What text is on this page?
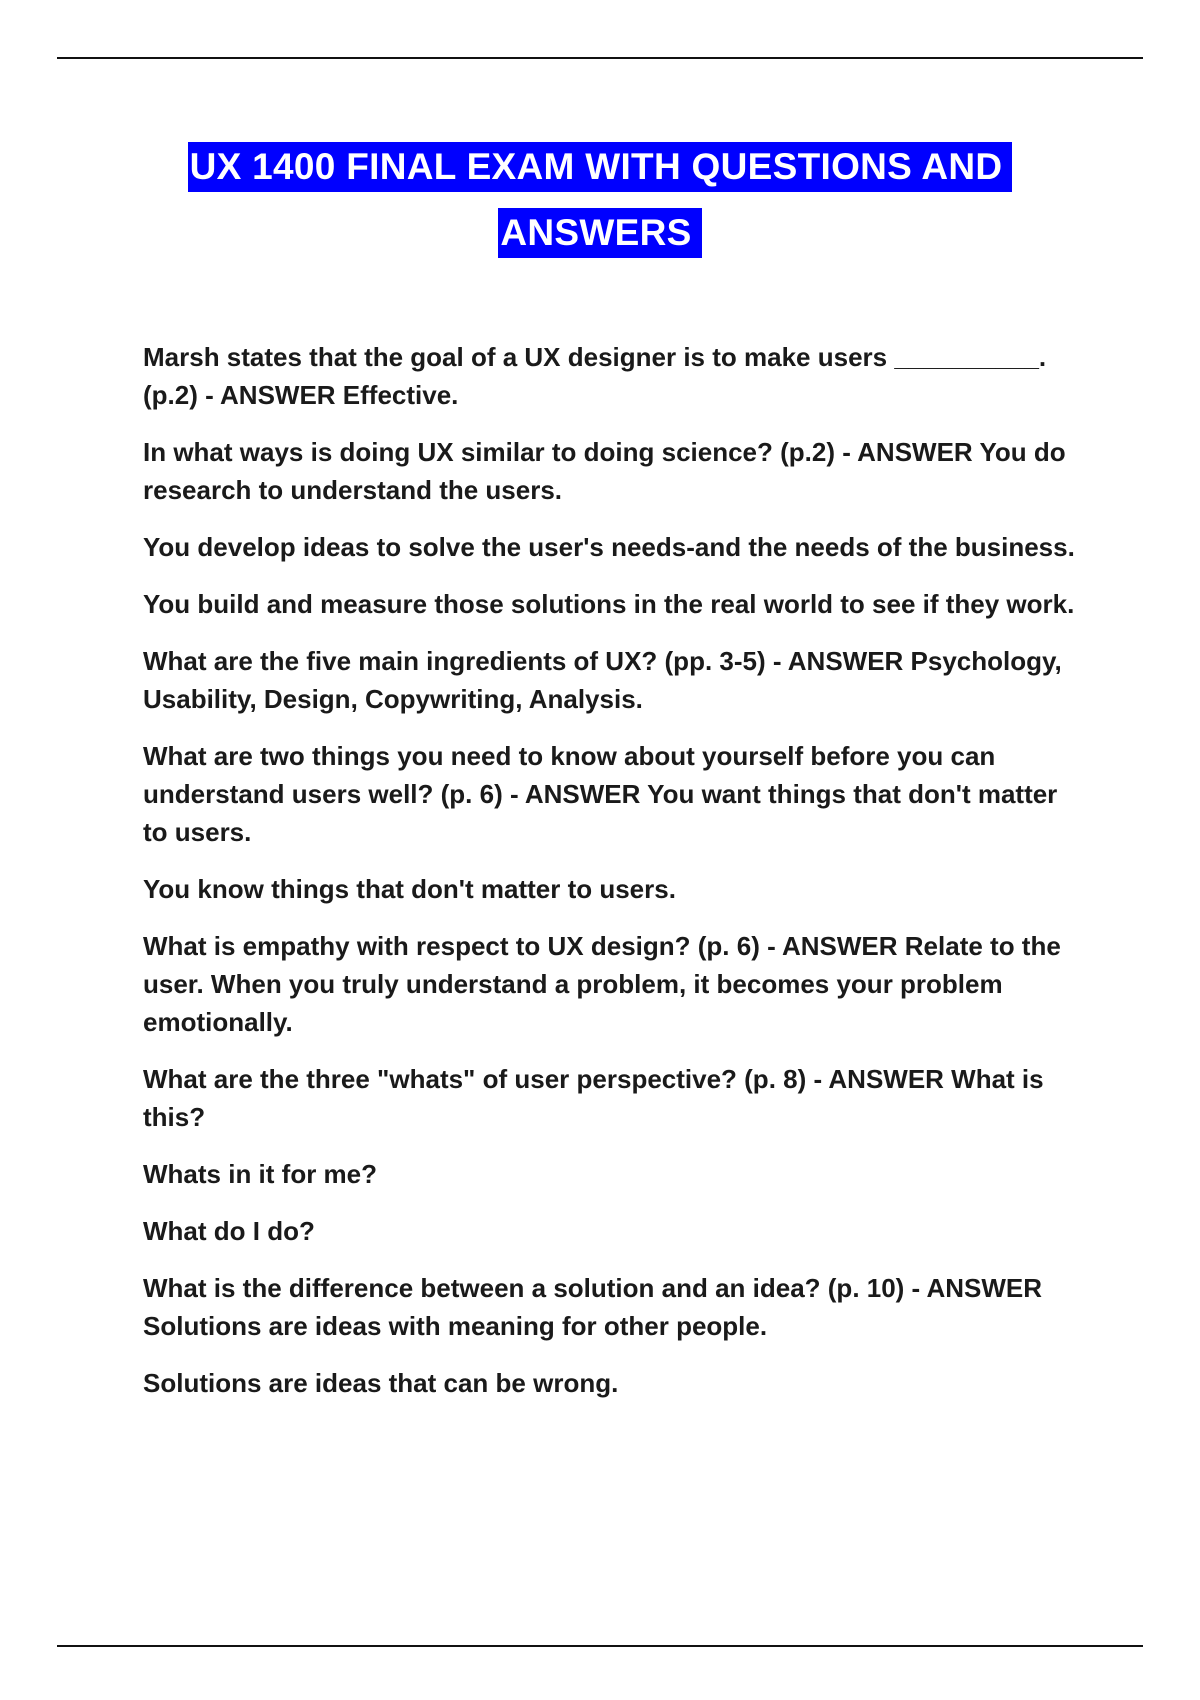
UX 1400 FINAL EXAM WITH QUESTIONS AND
ANSWERS

Marsh states that the goal of a UX designer is to make users __________. (p.2) - ANSWER Effective.

In what ways is doing UX similar to doing science? (p.2) - ANSWER You do research to understand the users.

You develop ideas to solve the user's needs-and the needs of the business.

You build and measure those solutions in the real world to see if they work.

What are the five main ingredients of UX? (pp. 3-5) - ANSWER Psychology, Usability, Design, Copywriting, Analysis.

What are two things you need to know about yourself before you can understand users well? (p. 6) - ANSWER You want things that don't matter to users.

You know things that don't matter to users.

What is empathy with respect to UX design? (p. 6) - ANSWER Relate to the user. When you truly understand a problem, it becomes your problem emotionally.

What are the three "whats" of user perspective? (p. 8) - ANSWER What is this?

Whats in it for me?

What do I do?

What is the difference between a solution and an idea? (p. 10) - ANSWER Solutions are ideas with meaning for other people.

Solutions are ideas that can be wrong.
